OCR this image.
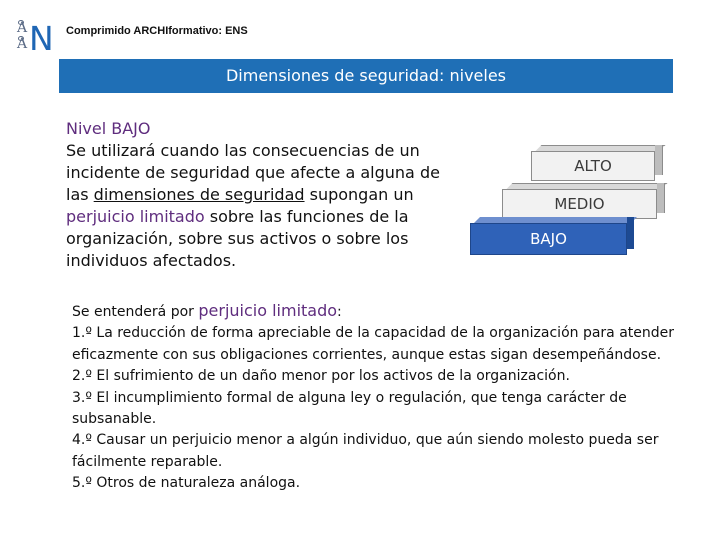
A
A N Comprimido ARCHIformativo: ENS
Dimensiones de seguridad: niveles
Nivel BAJO
Se utilizará cuando las consecuencias de un incidente de seguridad que afecte a alguna de las dimensiones de seguridad supongan un perjuicio limitado sobre las funciones de la organización, sobre sus activos o sobre los individuos afectados.
ALTO
MEDIO
BAJO

Se entenderá por perjuicio limitado:

1.º La reducción de forma apreciable de la capacidad de la organización para atender eficazmente con sus obligaciones corrientes, aunque estas sigan desempeñándose.

2.º El sufrimiento de un daño menor por los activos de la organización.

3.º El incumplimiento formal de alguna ley o regulación, que tenga carácter de subsanable.

4.º Causar un perjuicio menor a algún individuo, que aún siendo molesto pueda ser fácilmente reparable.

5.º Otros de naturaleza análoga.
